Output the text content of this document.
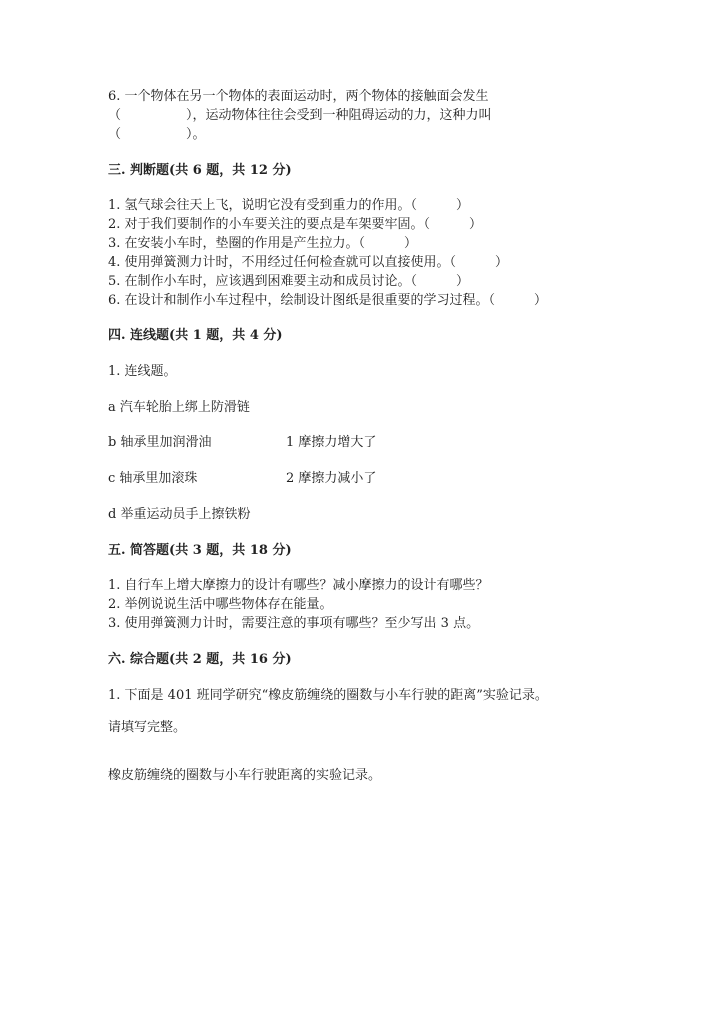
6. 一个物体在另一个物体的表面运动时，两个物体的接触面会发生
（　　　　　），运动物体往往会受到一种阻碍运动的力，这种力叫
（　　　　　）。
三. 判断题(共 6 题，共 12 分)
1. 氢气球会往天上飞，说明它没有受到重力的作用。（　　　）
2. 对于我们要制作的小车要关注的要点是车架要牢固。（　　　）
3. 在安装小车时，垫圈的作用是产生拉力。（　　　）
4. 使用弹簧测力计时，不用经过任何检查就可以直接使用。（　　　）
5. 在制作小车时，应该遇到困难要主动和成员讨论。（　　　）
6. 在设计和制作小车过程中，绘制设计图纸是很重要的学习过程。（　　　）
四. 连线题(共 1 题，共 4 分)
1. 连线题。
a 汽车轮胎上绑上防滑链
b 轴承里加润滑油	1 摩擦力增大了
c 轴承里加滚珠	2 摩擦力减小了
d 举重运动员手上擦铁粉
五. 简答题(共 3 题，共 18 分)
1. 自行车上增大摩擦力的设计有哪些？减小摩擦力的设计有哪些？
2. 举例说说生活中哪些物体存在能量。
3. 使用弹簧测力计时，需要注意的事项有哪些？至少写出 3 点。
六. 综合题(共 2 题，共 16 分)
1. 下面是 401 班同学研究“橡皮筋缠绕的圈数与小车行驶的距离”实验记录。
请填写完整。
橡皮筋缠绕的圈数与小车行驶距离的实验记录。
